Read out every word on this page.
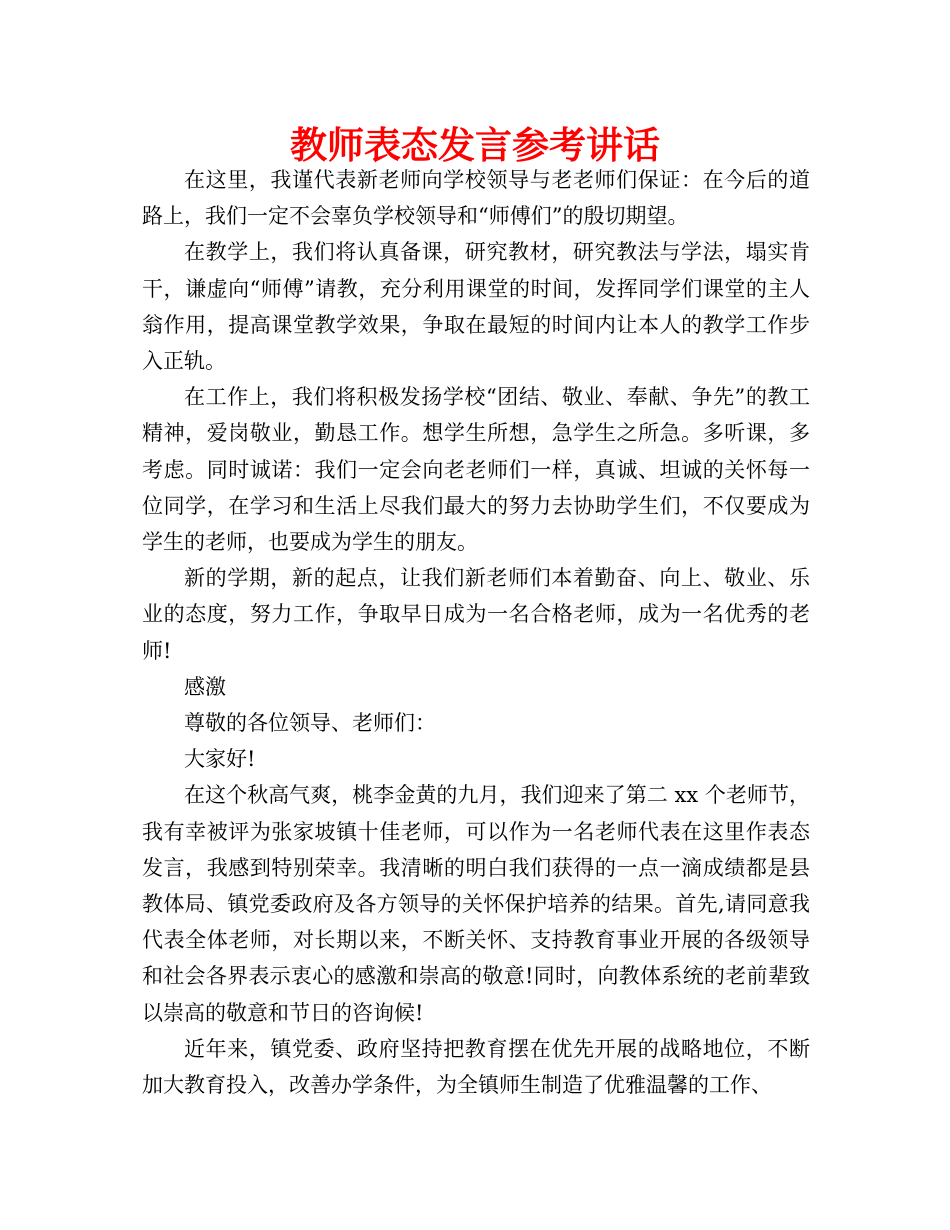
教师表态发言参考讲话

在这里，我谨代表新老师向学校领导与老老师们保证：在今后的道路上，我们一定不会辜负学校领导和“师傅们”的殷切期望。

在教学上，我们将认真备课，研究教材，研究教法与学法，塌实肯干，谦虚向“师傅”请教，充分利用课堂的时间，发挥同学们课堂的主人翁作用，提高课堂教学效果，争取在最短的时间内让本人的教学工作步入正轨。

在工作上，我们将积极发扬学校“团结、敬业、奉献、争先”的教工精神，爱岗敬业，勤恳工作。想学生所想，急学生之所急。多听课，多考虑。同时诚诺：我们一定会向老老师们一样，真诚、坦诚的关怀每一位同学，在学习和生活上尽我们最大的努力去协助学生们，不仅要成为学生的老师，也要成为学生的朋友。

新的学期，新的起点，让我们新老师们本着勤奋、向上、敬业、乐业的态度，努力工作，争取早日成为一名合格老师，成为一名优秀的老师!

感激

尊敬的各位领导、老师们：

大家好!

在这个秋高气爽，桃李金黄的九月，我们迎来了第二 xx 个老师节，我有幸被评为张家坡镇十佳老师，可以作为一名老师代表在这里作表态发言，我感到特别荣幸。我清晰的明白我们获得的一点一滴成绩都是县教体局、镇党委政府及各方领导的关怀保护培养的结果。首先,请同意我代表全体老师，对长期以来，不断关怀、支持教育事业开展的各级领导和社会各界表示衷心的感激和崇高的敬意!同时，向教体系统的老前辈致以崇高的敬意和节日的咨询候!

近年来，镇党委、政府坚持把教育摆在优先开展的战略地位，不断加大教育投入，改善办学条件，为全镇师生制造了优雅温馨的工作、
